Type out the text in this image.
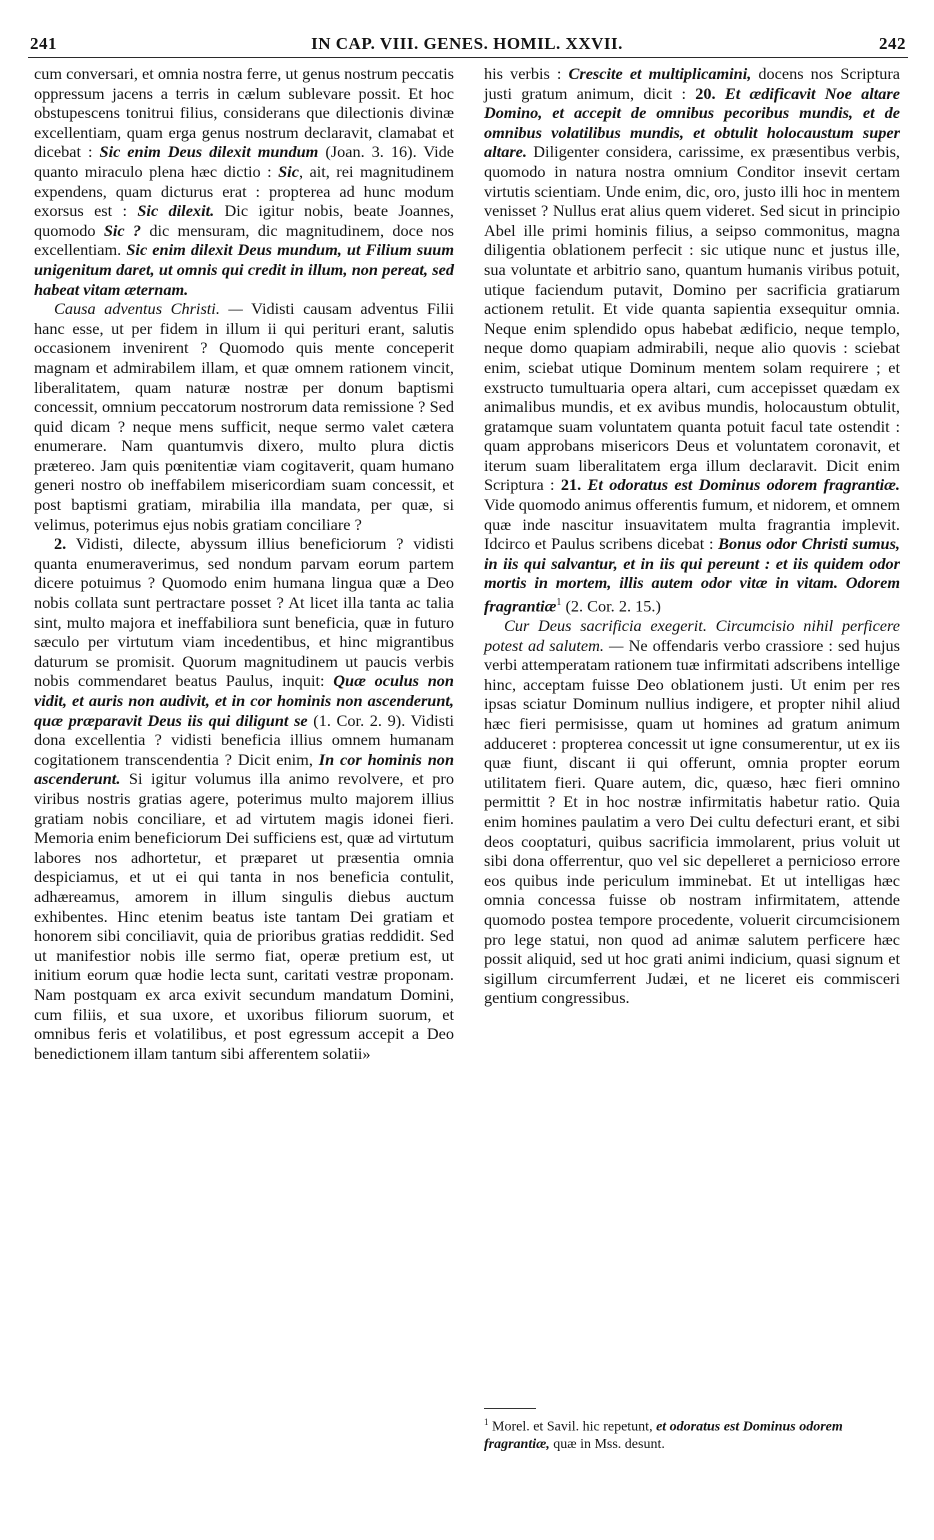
241	IN CAP. VIII. GENES. HOMIL. XXVII.	242

cum conversari, et omnia nostra ferre, ut genus nostrum peccatis oppressum jacens a terris in cælum sublevare possit. Et hoc obstupescens tonitrui filius, considerans que dilectionis divinæ excellentiam, quam erga genus nostrum declaravit, clamabat et dicebat : Sic enim Deus dilexit mundum (Joan. 3. 16). Vide quanto miraculo plena hæc dictio : Sic, ait, rei magnitudinem expendens, quam dicturus erat : propterea ad hunc modum exorsus est : Sic dilexit. Dic igitur nobis, beate Joannes, quomodo Sic ? dic mensuram, dic magnitudinem, doce nos excellentiam. Sic enim dilexit Deus mundum, ut Filium suum unigenitum daret, ut omnis qui credit in illum, non pereat, sed habeat vitam æternam.

Causa adventus Christi. — Vidisti causam adventus Filii hanc esse, ut per fidem in illum ii qui perituri erant, salutis occasionem invenirent ? Quomodo quis mente conceperit magnam et admirabilem illam, et quæ omnem rationem vincit, liberalitatem, quam naturæ nostræ per donum baptismi concessit, omnium peccatorum nostrorum data remissione ? Sed quid dicam ? neque mens sufficit, neque sermo valet cætera enumerare. Nam quantumvis dixero, multo plura dictis prætereo. Jam quis pœnitentiæ viam cogitaverit, quam humano generi nostro ob ineffabilem misericordiam suam concessit, et post baptismi gratiam, mirabilia illa mandata, per quæ, si velimus, poterimus ejus nobis gratiam conciliare ?

2. Vidisti, dilecte, abyssum illius beneficiorum ? vidisti quanta enumeraverimus, sed nondum parvam eorum partem dicere potuimus ? Quomodo enim humana lingua quæ a Deo nobis collata sunt pertractare posset ? At licet illa tanta ac talia sint, multo majora et ineffabiliora sunt beneficia, quæ in futuro sæculo per virtutum viam incedentibus, et hinc migrantibus daturum se promisit. Quorum magnitudinem ut paucis verbis nobis commendaret beatus Paulus, inquit: Quæ oculus non vidit, et auris non audivit, et in cor hominis non ascenderunt, quæ præparavit Deus iis qui diligunt se (1. Cor. 2. 9). Vidisti dona excellentia ? vidisti beneficia illius omnem humanam cogitationem transcendentia ? Dicit enim, In cor hominis non ascenderunt. Si igitur volumus illa animo revolvere, et pro viribus nostris gratias agere, poterimus multo majorem illius gratiam nobis conciliare, et ad virtutem magis idonei fieri. Memoria enim beneficiorum Dei sufficiens est, quæ ad virtutum labores nos adhortetur, et præparet ut præsentia omnia despiciamus, et ut ei qui tanta in nos beneficia contulit, adhæreamus, amorem in illum singulis diebus auctum exhibentes. Hinc etenim beatus iste tantam Dei gratiam et honorem sibi conciliavit, quia de prioribus gratias reddidit. Sed ut manifestior nobis ille sermo fiat, operæ pretium est, ut initium eorum quæ hodie lecta sunt, caritati vestræ proponam. Nam postquam ex arca exivit secundum mandatum Domini, cum filiis, et sua uxore, et uxoribus filiorum suorum, et omnibus feris et volatilibus, et post egressum accepit a Deo benedictionem illam tantum sibi afferentem solatii»

his verbis : Crescite et multiplicamini, docens nos Scriptura justi gratum animum, dicit : 20. Et ædificavit Noe altare Domino, et accepit de omnibus pecoribus mundis, et de omnibus volatilibus mundis, et obtulit holocaustum super altare. Diligenter considera, carissime, ex præsentibus verbis, quomodo in natura nostra omnium Conditor insevit certam virtutis scientiam. Unde enim, dic, oro, justo illi hoc in mentem venisset ? Nullus erat alius quem videret. Sed sicut in principio Abel ille primi hominis filius, a seipso commonitus, magna diligentia oblationem perfecit : sic utique nunc et justus ille, sua voluntate et arbitrio sano, quantum humanis viribus potuit, utique faciendum putavit, Domino per sacrificia gratiarum actionem retulit. Et vide quanta sapientia exsequitur omnia. Neque enim splendido opus habebat ædificio, neque templo, neque domo quapiam admirabili, neque alio quovis : sciebat enim, sciebat utique Dominum mentem solam requirere ; et exstructo tumultuaria opera altari, cum accepisset quædam ex animalibus mundis, et ex avibus mundis, holocaustum obtulit, gratamque suam voluntatem quanta potuit facul tate ostendit : quam approbans misericors Deus et voluntatem coronavit, et iterum suam liberalitatem erga illum declaravit. Dicit enim Scriptura : 21. Et odoratus est Dominus odorem fragrantiæ. Vide quomodo animus offerentis fumum, et nidorem, et omnem quæ inde nascitur insuavitatem multa fragrantia implevit. Idcirco et Paulus scribens dicebat : Bonus odor Christi sumus, in iis qui salvantur, et in iis qui pereunt : et iis quidem odor mortis in mortem, illis autem odor vitæ in vitam. Odorem fragrantiæ$^1$ (2. Cor. 2. 15.)

Cur Deus sacrificia exegerit. Circumcisio nihil perficere potest ad salutem. — Ne offendaris verbo crassiore : sed hujus verbi attemperatam rationem tuæ infirmitati adscribens intellige hinc, acceptam fuisse Deo oblationem justi. Ut enim per res ipsas sciatur Dominum nullius indigere, et propter nihil aliud hæc fieri permisisse, quam ut homines ad gratum animum adduceret : propterea concessit ut igne consumerentur, ut ex iis quæ fiunt, discant ii qui offerunt, omnia propter eorum utilitatem fieri. Quare autem, dic, quæso, hæc fieri omnino permittit ? Et in hoc nostræ infirmitatis habetur ratio. Quia enim homines paulatim a vero Dei cultu defecturi erant, et sibi deos cooptaturi, quibus sacrificia immolarent, prius voluit ut sibi dona offerrentur, quo vel sic depelleret a pernicioso errore eos quibus inde periculum imminebat. Et ut intelligas hæc omnia concessa fuisse ob nostram infirmitatem, attende quomodo postea tempore procedente, voluerit circumcisionem pro lege statui, non quod ad animæ salutem perficere hæc possit aliquid, sed ut hoc grati animi indicium, quasi signum et sigillum circumferrent Judæi, et ne liceret eis commisceri gentium congressibus.

$^1$ Morel. et Savil. hic repetunt, et odoratus est Dominus odorem fragrantiæ, quæ in Mss. desunt.
